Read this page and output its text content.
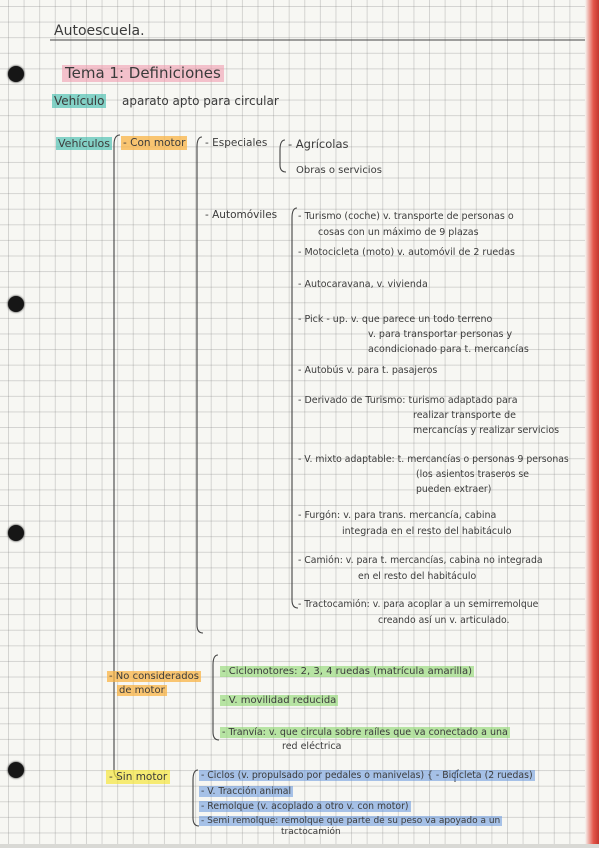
Autoescuela.
Tema 1: Definiciones
Vehículo aparato apto para circular
Vehículos - Con motor - Especiales - Agrícolas
Obras o servicios
- Automóviles - Turismo (coche) v. transporte de personas o
cosas con un máximo de 9 plazas
- Motocicleta (moto) v. automóvil de 2 ruedas
- Autocaravana, v. vivienda
- Pick - up. v. que parece un todo terreno
v. para transportar personas y
acondicionado para t. mercancías
- Autobús v. para t. pasajeros
- Derivado de Turismo: turismo adaptado para
realizar transporte de
mercancías y realizar servicios
- V. mixto adaptable: t. mercancías o personas 9 personas
(los asientos traseros se
pueden extraer)
- Furgón: v. para trans. mercancía, cabina
integrada en el resto del habitáculo
- Camión: v. para t. mercancías, cabina no integrada
en el resto del habitáculo
- Tractocamión: v. para acoplar a un semirremolque
creando así un v. articulado.
- No considerados
de motor
- Ciclomotores: 2, 3, 4 ruedas (matrícula amarilla)
- V. movilidad reducida
- Tranvía: v. que circula sobre raíles que va conectado a una
red eléctrica
- Sin motor	- Ciclos (v. propulsado por pedales o manivelas) { - Bicicleta (2 ruedas)
- V. Tracción animal
- Remolque (v. acoplado a otro v. con motor)
- Semi remolque: remolque que parte de su peso va apoyado a un
tractocamión
